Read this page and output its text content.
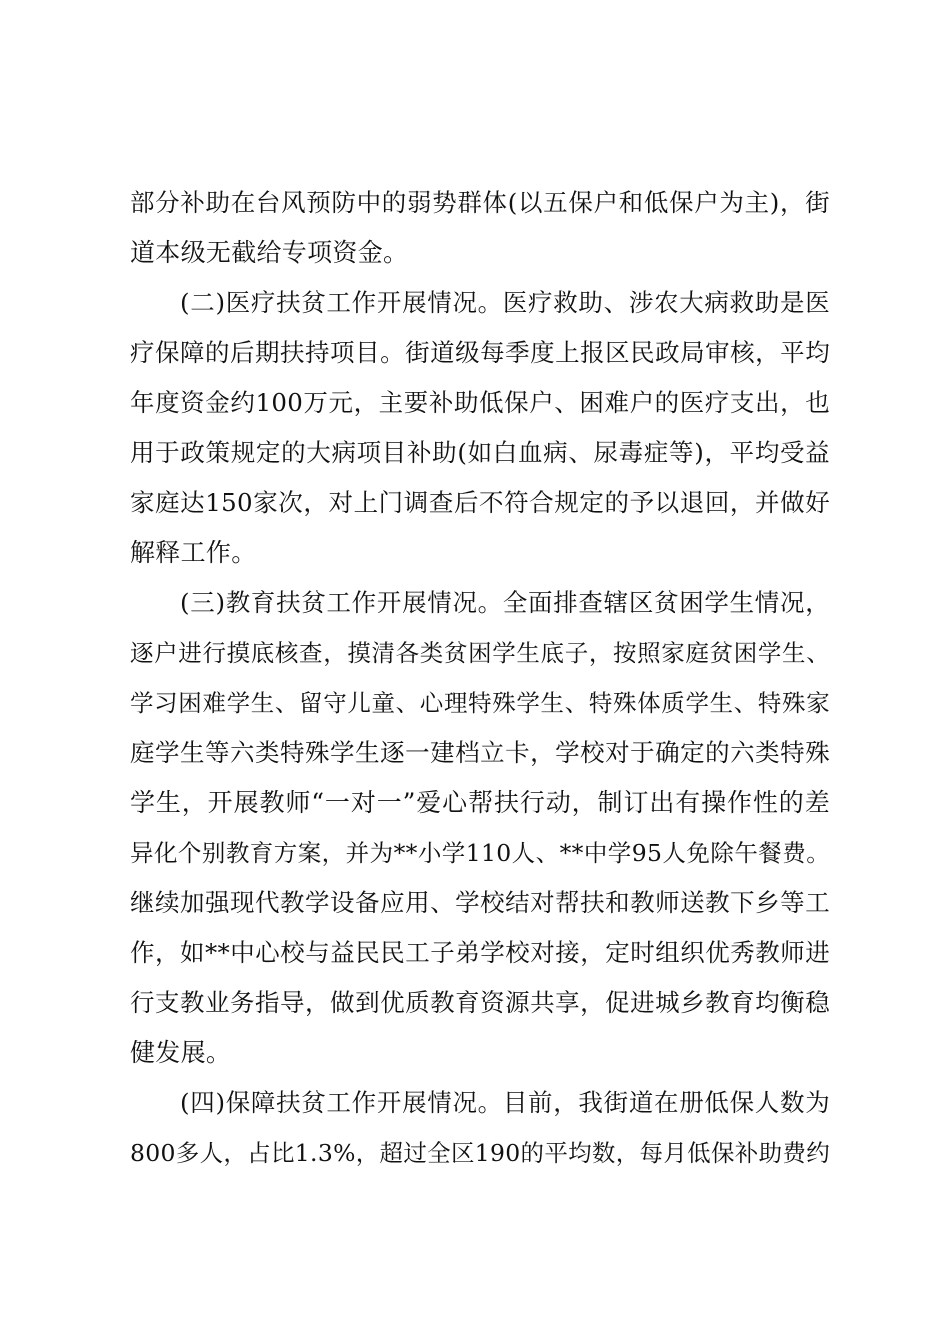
部分补助在台风预防中的弱势群体(以五保户和低保户为主)，街
道本级无截给专项资金。
(二)医疗扶贫工作开展情况。医疗救助、涉农大病救助是医
疗保障的后期扶持项目。街道级每季度上报区民政局审核，平均
年度资金约100万元，主要补助低保户、困难户的医疗支出，也
用于政策规定的大病项目补助(如白血病、尿毒症等)，平均受益
家庭达150家次，对上门调查后不符合规定的予以退回，并做好
解释工作。
(三)教育扶贫工作开展情况。全面排查辖区贫困学生情况，
逐户进行摸底核查，摸清各类贫困学生底子，按照家庭贫困学生、
学习困难学生、留守儿童、心理特殊学生、特殊体质学生、特殊家
庭学生等六类特殊学生逐一建档立卡，学校对于确定的六类特殊
学生，开展教师“一对一”爱心帮扶行动，制订出有操作性的差
异化个别教育方案，并为**小学110人、**中学95人免除午餐费。
继续加强现代教学设备应用、学校结对帮扶和教师送教下乡等工
作，如**中心校与益民民工子弟学校对接，定时组织优秀教师进
行支教业务指导，做到优质教育资源共享，促进城乡教育均衡稳
健发展。
(四)保障扶贫工作开展情况。目前，我街道在册低保人数为
800多人，占比1.3%，超过全区190的平均数，每月低保补助费约
